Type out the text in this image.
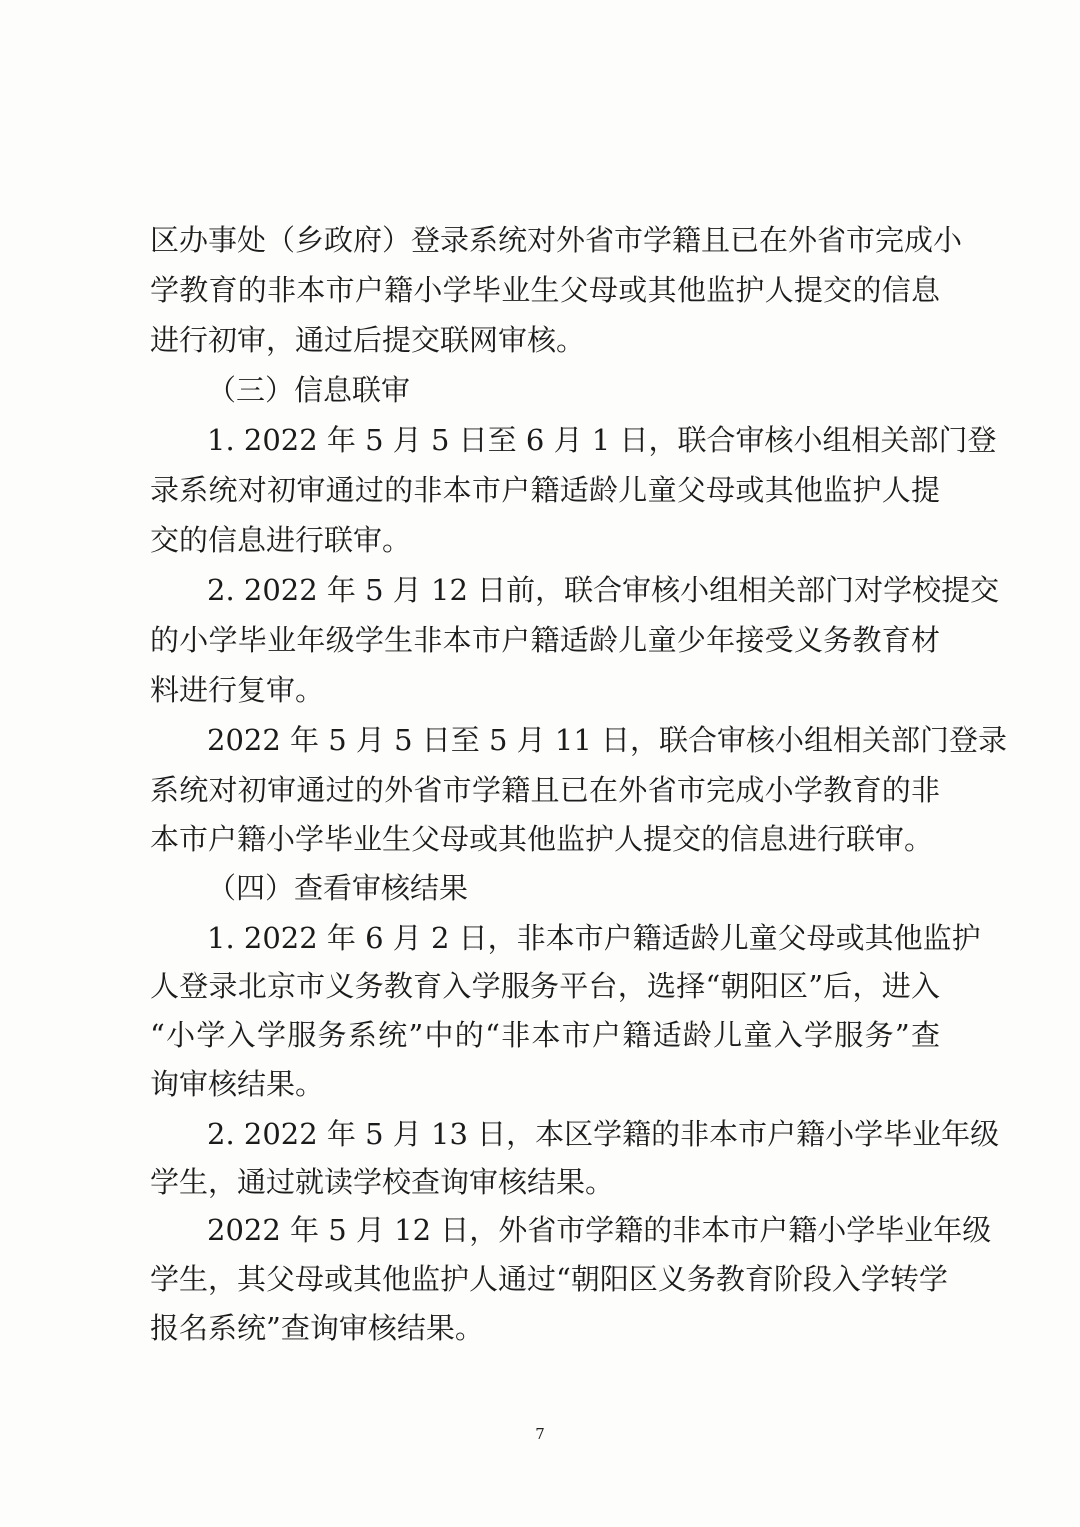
区办事处（乡政府）登录系统对外省市学籍且已在外省市完成小
学教育的非本市户籍小学毕业生父母或其他监护人提交的信息
进行初审，通过后提交联网审核。
（三）信息联审
1. 2022 年 5 月 5 日至 6 月 1 日，联合审核小组相关部门登
录系统对初审通过的非本市户籍适龄儿童父母或其他监护人提
交的信息进行联审。
2. 2022 年 5 月 12 日前，联合审核小组相关部门对学校提交
的小学毕业年级学生非本市户籍适龄儿童少年接受义务教育材
料进行复审。
2022 年 5 月 5 日至 5 月 11 日，联合审核小组相关部门登录
系统对初审通过的外省市学籍且已在外省市完成小学教育的非
本市户籍小学毕业生父母或其他监护人提交的信息进行联审。
（四）查看审核结果
1. 2022 年 6 月 2 日，非本市户籍适龄儿童父母或其他监护
人登录北京市义务教育入学服务平台，选择“朝阳区”后，进入
“小学入学服务系统”中的“非本市户籍适龄儿童入学服务”查
询审核结果。
2. 2022 年 5 月 13 日，本区学籍的非本市户籍小学毕业年级
学生，通过就读学校查询审核结果。
2022 年 5 月 12 日，外省市学籍的非本市户籍小学毕业年级
学生，其父母或其他监护人通过“朝阳区义务教育阶段入学转学
报名系统”查询审核结果。
7
